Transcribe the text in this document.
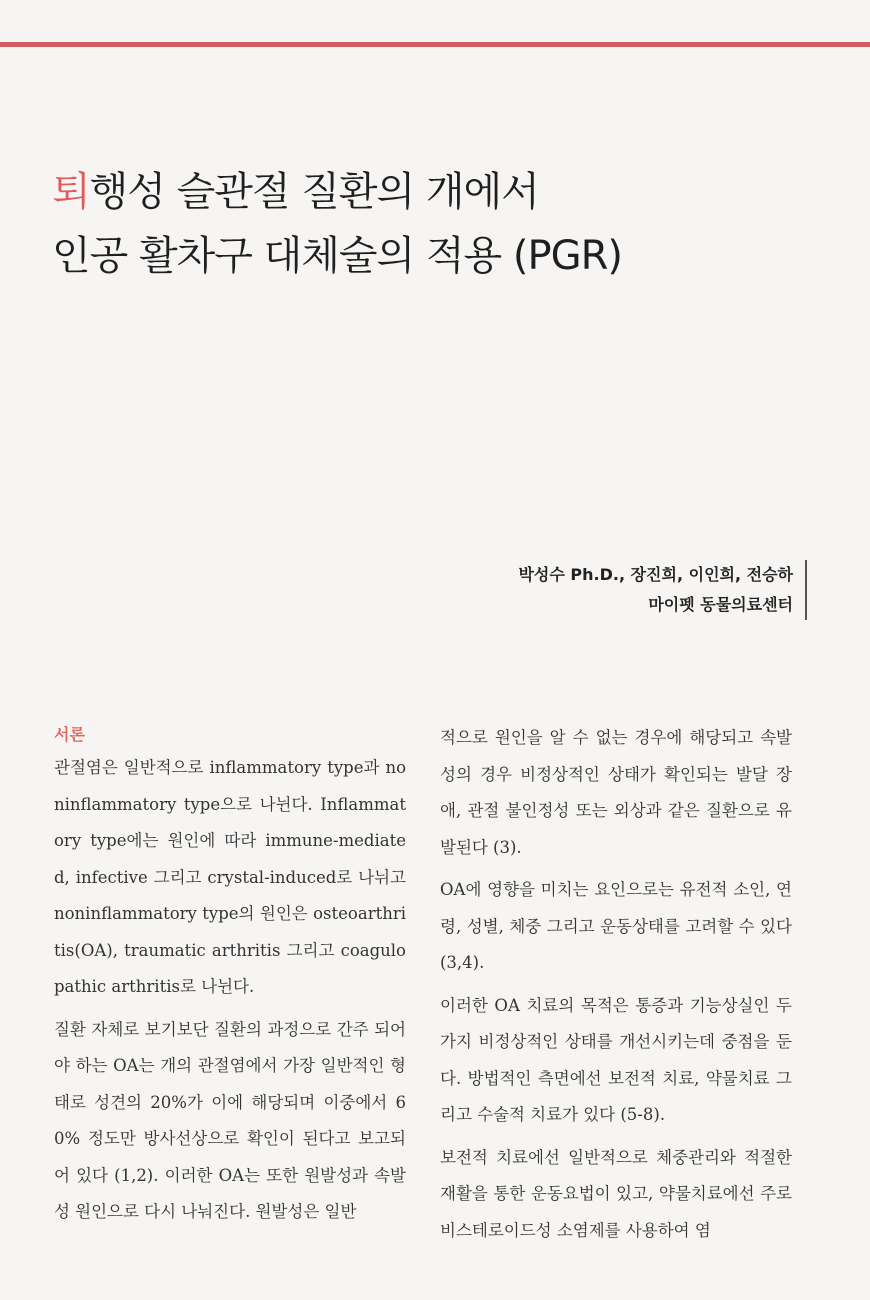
퇴행성 슬관절 질환의 개에서
인공 활차구 대체술의 적용 (PGR)
박성수 Ph.D., 장진희, 이인희, 전승하
마이펫 동물의료센터
서론

관절염은 일반적으로 inflammatory type과 noninflammatory type으로 나뉜다. Inflammatory type에는 원인에 따라 immune-mediated, infective 그리고 crystal-induced로 나뉘고 noninflammatory type의 원인은 osteoarthritis(OA), traumatic arthritis 그리고 coagulopathic arthritis로 나뉜다.

질환 자체로 보기보단 질환의 과정으로 간주 되어야 하는 OA는 개의 관절염에서 가장 일반적인 형태로 성견의 20%가 이에 해당되며 이중에서 60% 정도만 방사선상으로 확인이 된다고 보고되어 있다 (1,2). 이러한 OA는 또한 원발성과 속발성 원인으로 다시 나눠진다. 원발성은 일반

적으로 원인을 알 수 없는 경우에 해당되고 속발성의 경우 비정상적인 상태가 확인되는 발달 장애, 관절 불인정성 또는 외상과 같은 질환으로 유발된다 (3).

OA에 영향을 미치는 요인으로는 유전적 소인, 연령, 성별, 체중 그리고 운동상태를 고려할 수 있다 (3,4).

이러한 OA 치료의 목적은 통증과 기능상실인 두 가지 비정상적인 상태를 개선시키는데 중점을 둔다. 방법적인 측면에선 보전적 치료, 약물치료 그리고 수술적 치료가 있다 (5-8).

보전적 치료에선 일반적으로 체중관리와 적절한 재활을 통한 운동요법이 있고, 약물치료에선 주로 비스테로이드성 소염제를 사용하여 염
